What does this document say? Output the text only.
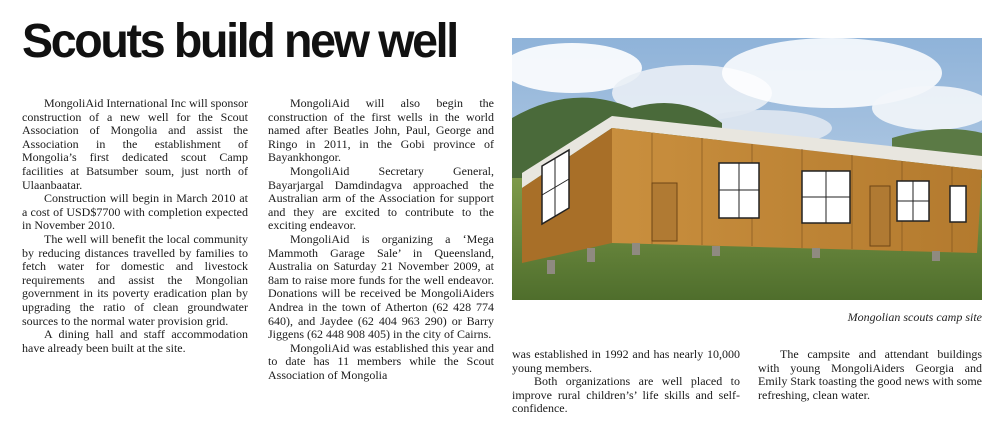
Scouts build new well

MongoliAid International Inc will sponsor construction of a new well for the Scout Association of Mongolia and assist the Association in the establishment of Mongolia’s first dedicated scout Camp facilities at Batsumber soum, just north of Ulaanbaatar.

Construction will begin in March 2010 at a cost of USD$7700 with completion expected in November 2010.

The well will benefit the local community by reducing distances travelled by families to fetch water for domestic and livestock requirements and assist the Mongolian government in its poverty eradication plan by upgrading the ratio of clean groundwater sources to the normal water provision grid.

A dining hall and staff accommodation have already been built at the site.

MongoliAid will also begin the construction of the first wells in the world named after Beatles John, Paul, George and Ringo in 2011, in the Gobi province of Bayankhongor.

MongoliAid Secretary General, Bayarjargal Damdindagva approached the Australian arm of the Association for support and they are excited to contribute to the exciting endeavor.

MongoliAid is organizing a ‘Mega Mammoth Garage Sale’ in Queensland, Australia on Saturday 21 November 2009, at 8am to raise more funds for the well endeavor. Donations will be received be MongoliAiders Andrea in the town of Atherton (62 428 774 640), and Jaydee (62 404 963 290) or Barry Jiggens (62 448 908 405) in the city of Cairns.

MongoliAid was established this year and to date has 11 members while the Scout Association of Mongolia

Mongolian scouts camp site

was established in 1992 and has nearly 10,000 young members.

Both organizations are well placed to improve rural children’s’ life skills and self-confidence.

The campsite and attendant buildings with young MongoliAiders Georgia and Emily Stark toasting the good news with some refreshing, clean water.
